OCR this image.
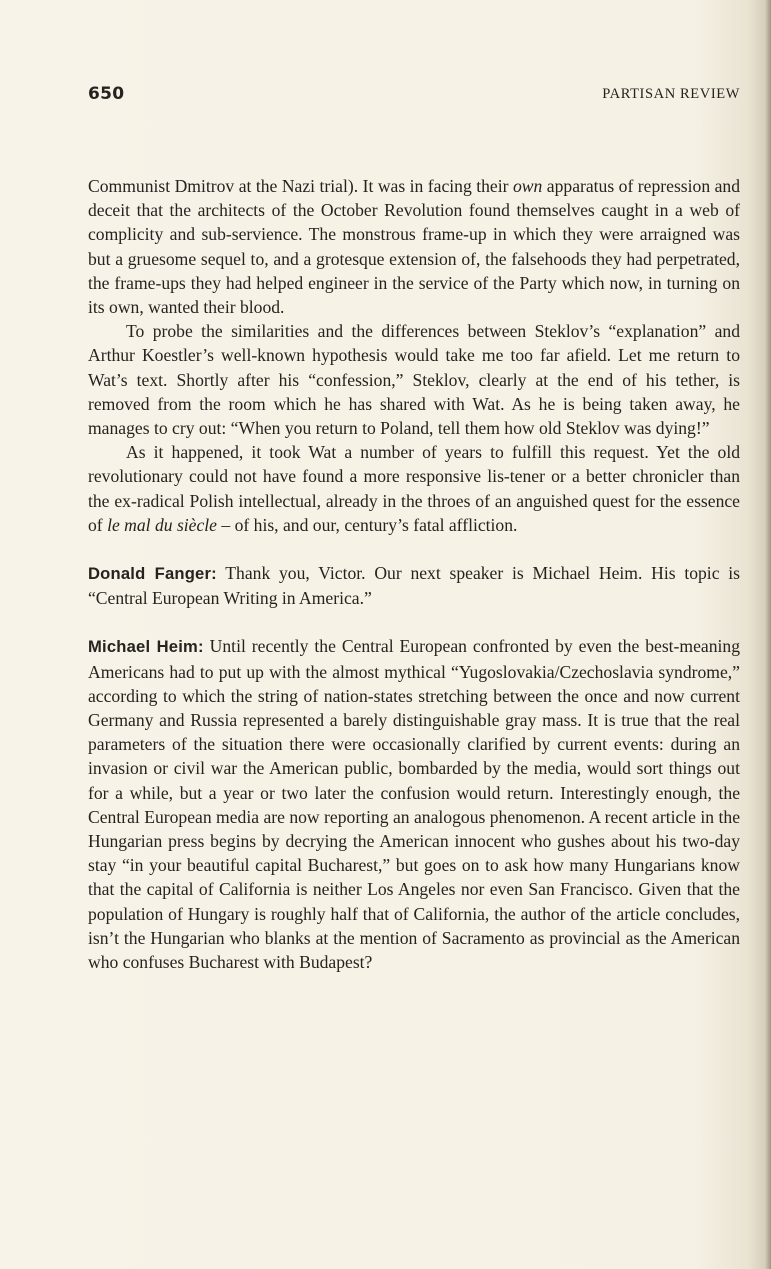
650	PARTISAN REVIEW

Communist Dmitrov at the Nazi trial). It was in facing their own apparatus of repression and deceit that the architects of the October Revolution found themselves caught in a web of complicity and sub-servience. The monstrous frame-up in which they were arraigned was but a gruesome sequel to, and a grotesque extension of, the falsehoods they had perpetrated, the frame-ups they had helped engineer in the service of the Party which now, in turning on its own, wanted their blood.

To probe the similarities and the differences between Steklov’s “explanation” and Arthur Koestler’s well-known hypothesis would take me too far afield. Let me return to Wat’s text. Shortly after his “confession,” Steklov, clearly at the end of his tether, is removed from the room which he has shared with Wat. As he is being taken away, he manages to cry out: “When you return to Poland, tell them how old Steklov was dying!”

As it happened, it took Wat a number of years to fulfill this request. Yet the old revolutionary could not have found a more responsive lis-tener or a better chronicler than the ex-radical Polish intellectual, already in the throes of an anguished quest for the essence of le mal du siècle – of his, and our, century’s fatal affliction.

Donald Fanger: Thank you, Victor. Our next speaker is Michael Heim. His topic is “Central European Writing in America.”

Michael Heim: Until recently the Central European confronted by even the best-meaning Americans had to put up with the almost mythical “Yugoslovakia/Czechoslavia syndrome,” according to which the string of nation-states stretching between the once and now current Germany and Russia represented a barely distinguishable gray mass. It is true that the real parameters of the situation there were occasionally clarified by current events: during an invasion or civil war the American public, bombarded by the media, would sort things out for a while, but a year or two later the confusion would return. Interestingly enough, the Central European media are now reporting an analogous phenomenon. A recent article in the Hungarian press begins by decrying the American innocent who gushes about his two-day stay “in your beautiful capital Bucharest,” but goes on to ask how many Hungarians know that the capital of California is neither Los Angeles nor even San Francisco. Given that the population of Hungary is roughly half that of California, the author of the article concludes, isn’t the Hungarian who blanks at the mention of Sacramento as provincial as the American who confuses Bucharest with Budapest?
